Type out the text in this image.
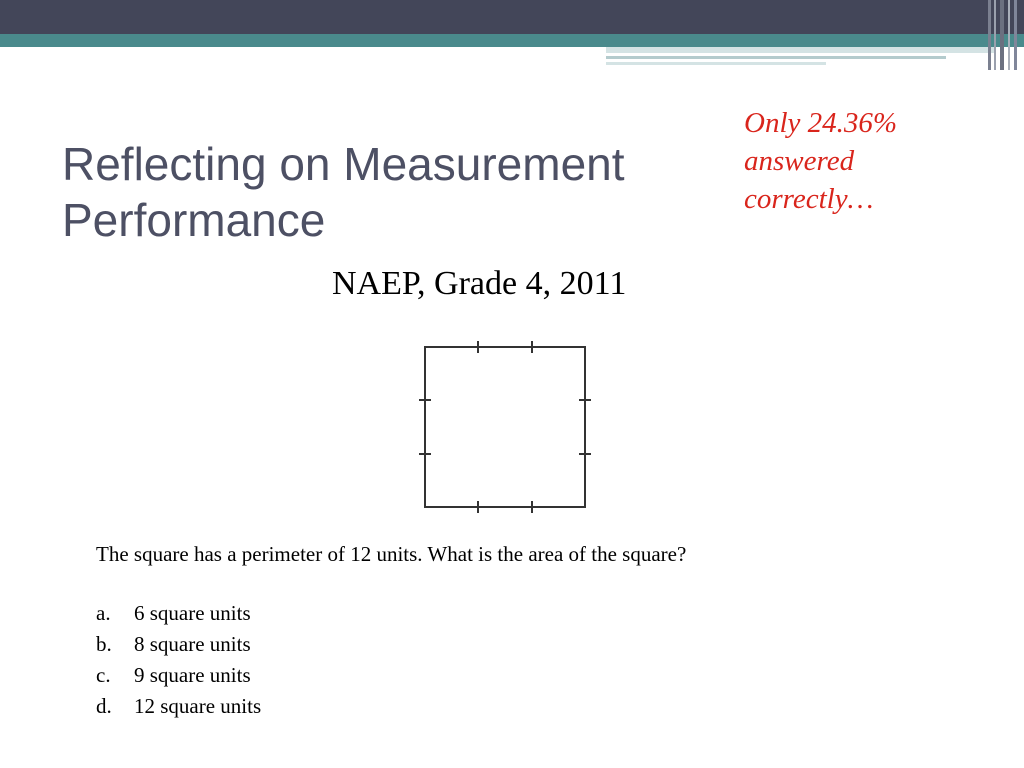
Reflecting on Measurement
Performance

Only 24.36%
answered
correctly…

NAEP, Grade 4, 2011

The square has a perimeter of 12 units. What is the area of the square?

a.	6 square units
b.	8 square units
c.	9 square units
d.	12 square units
